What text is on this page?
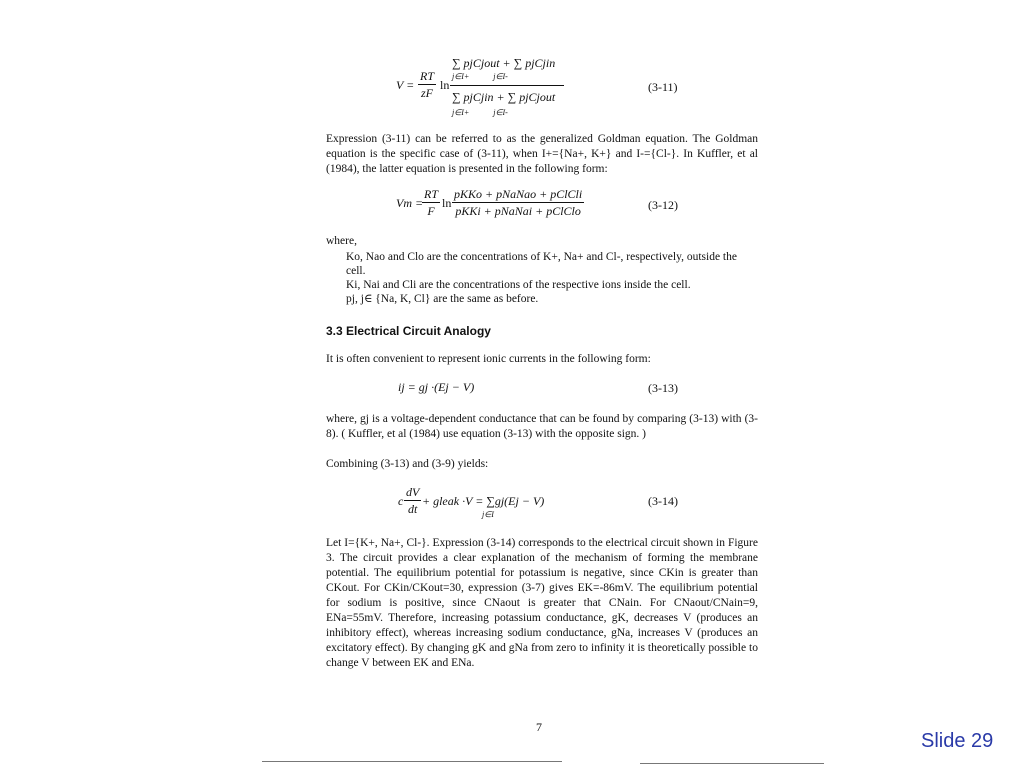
$V = \frac{RT}{zF}$ ln
∑ pjCjout + ∑ pjCjin
j∈I+            j∈I-
∑ pjCjin + ∑ pjCjout
j∈I+            j∈I-
(3-11)
Expression (3-11) can be referred to as the generalized Goldman equation. The Goldman equation is the specific case of (3-11), when I+={Na+, K+} and I-={Cl-}. In Kuffler, et al (1984), the latter equation is presented in the following form:
Vm =
$\frac{RT}{F}$ ln
pKKo + pNaNao + pClCli
pKKi + pNaNai + pClClo	(3-12)
where,
Ko, Nao and Clo are the concentrations of K+, Na+ and Cl-, respectively, outside the cell.
Ki, Nai and Cli are the concentrations of the respective ions inside the cell.
pj, j∈ {Na, K, Cl} are the same as before.
3.3 Electrical Circuit Analogy
It is often convenient to represent ionic currents in the following form:
ij = gj ·(Ej − V)	(3-13)
where, gj is a voltage-dependent conductance that can be found by comparing (3-13) with (3-8). ( Kuffler, et al (1984) use equation (3-13) with the opposite sign. )
Combining (3-13) and (3-9) yields:
c $\frac{dV}{dt}$ + gleak ·V = ∑gj(Ej − V)
j∈I
(3-14)
Let I={K+, Na+, Cl-}. Expression (3-14) corresponds to the electrical circuit shown in Figure 3. The circuit provides a clear explanation of the mechanism of forming the membrane potential. The equilibrium potential for potassium is negative, since CKin is greater than CKout. For CKin/CKout=30, expression (3-7) gives EK=-86mV. The equilibrium potential for sodium is positive, since CNaout is greater that CNain. For CNaout/CNain=9, ENa=55mV. Therefore, increasing potassium conductance, gK, decreases V (produces an inhibitory effect), whereas increasing sodium conductance, gNa, increases V (produces an excitatory effect). By changing gK and gNa from zero to infinity it is theoretically possible to change V between EK and ENa.
7
Slide 29
